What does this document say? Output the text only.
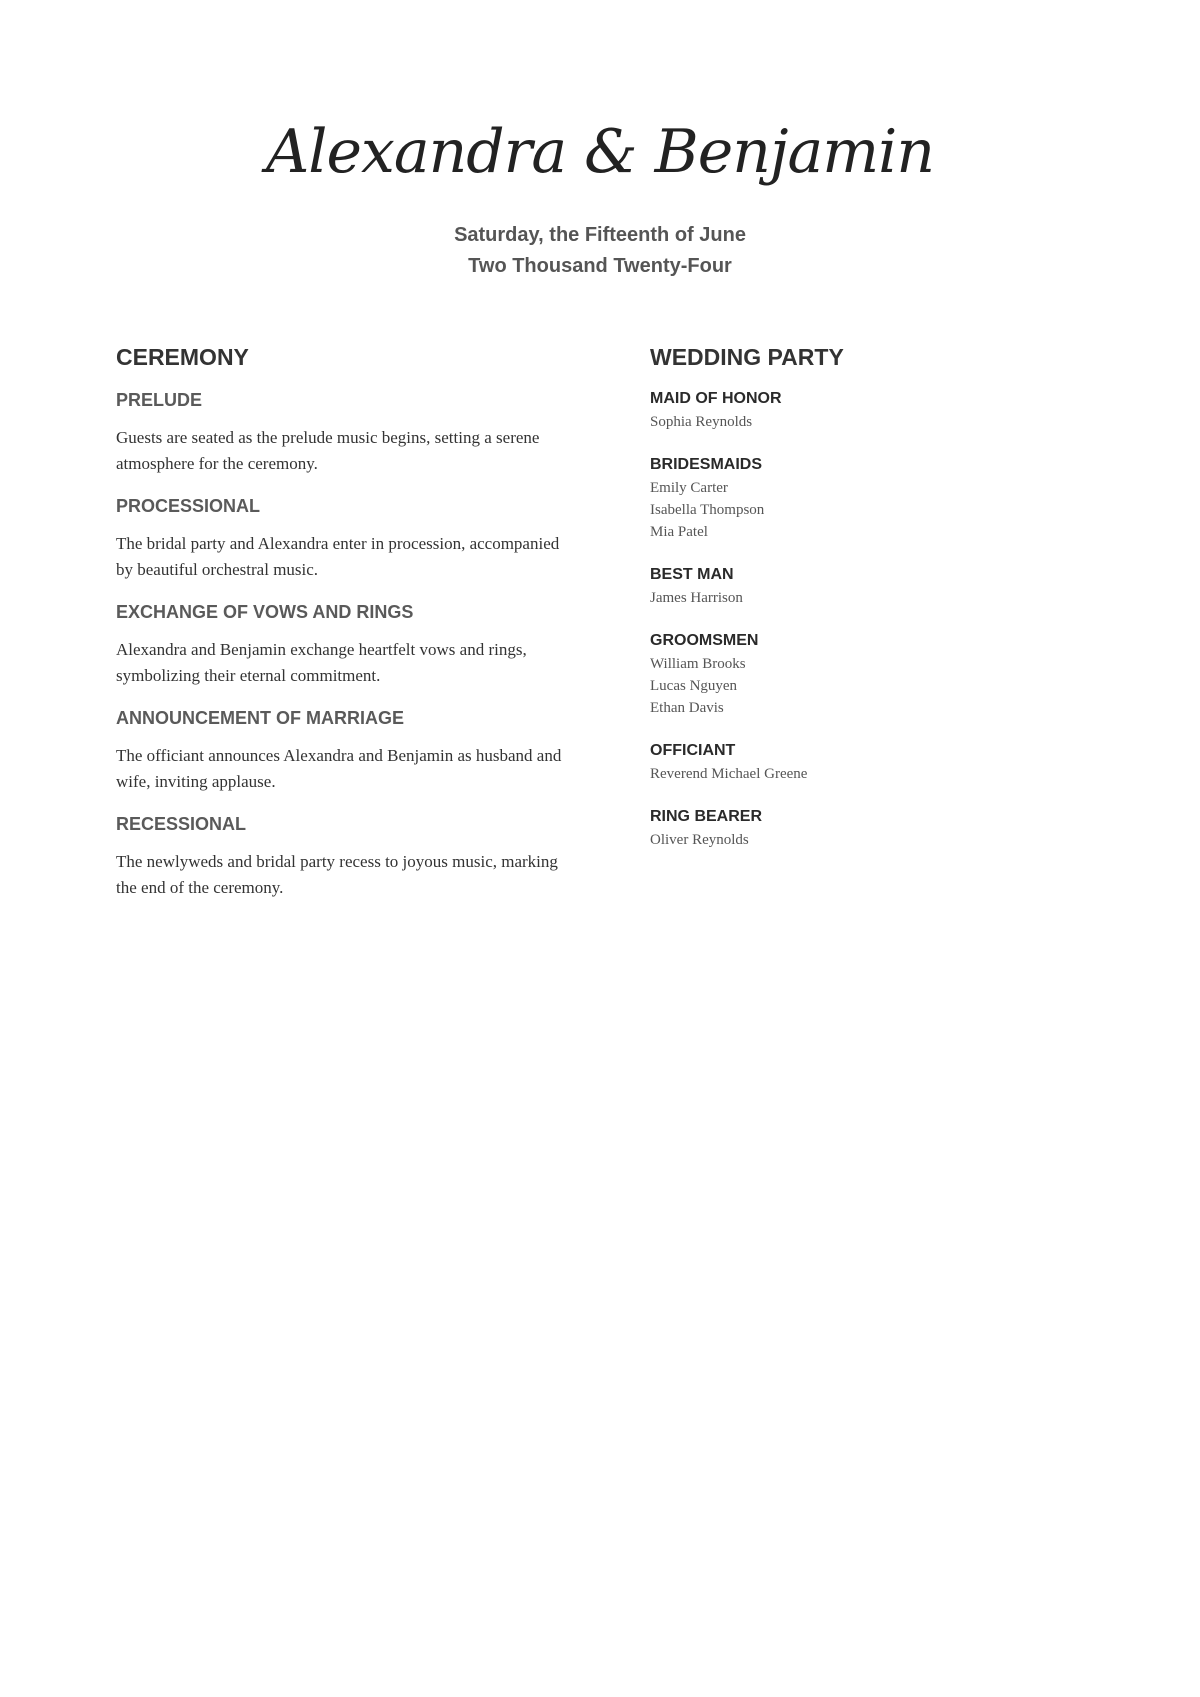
Alexandra & Benjamin
Saturday, the Fifteenth of June
Two Thousand Twenty-Four
CEREMONY
PRELUDE

Guests are seated as the prelude music begins, setting a serene atmosphere for the ceremony.

PROCESSIONAL

The bridal party and Alexandra enter in procession, accompanied by beautiful orchestral music.

EXCHANGE OF VOWS AND RINGS

Alexandra and Benjamin exchange heartfelt vows and rings, symbolizing their eternal commitment.

ANNOUNCEMENT OF MARRIAGE

The officiant announces Alexandra and Benjamin as husband and wife, inviting applause.

RECESSIONAL

The newlyweds and bridal party recess to joyous music, marking the end of the ceremony.

WEDDING PARTY
MAID OF HONOR
Sophia Reynolds
BRIDESMAIDS
Emily Carter
Isabella Thompson
Mia Patel
BEST MAN
James Harrison
GROOMSMEN
William Brooks
Lucas Nguyen
Ethan Davis
OFFICIANT
Reverend Michael Greene
RING BEARER
Oliver Reynolds
